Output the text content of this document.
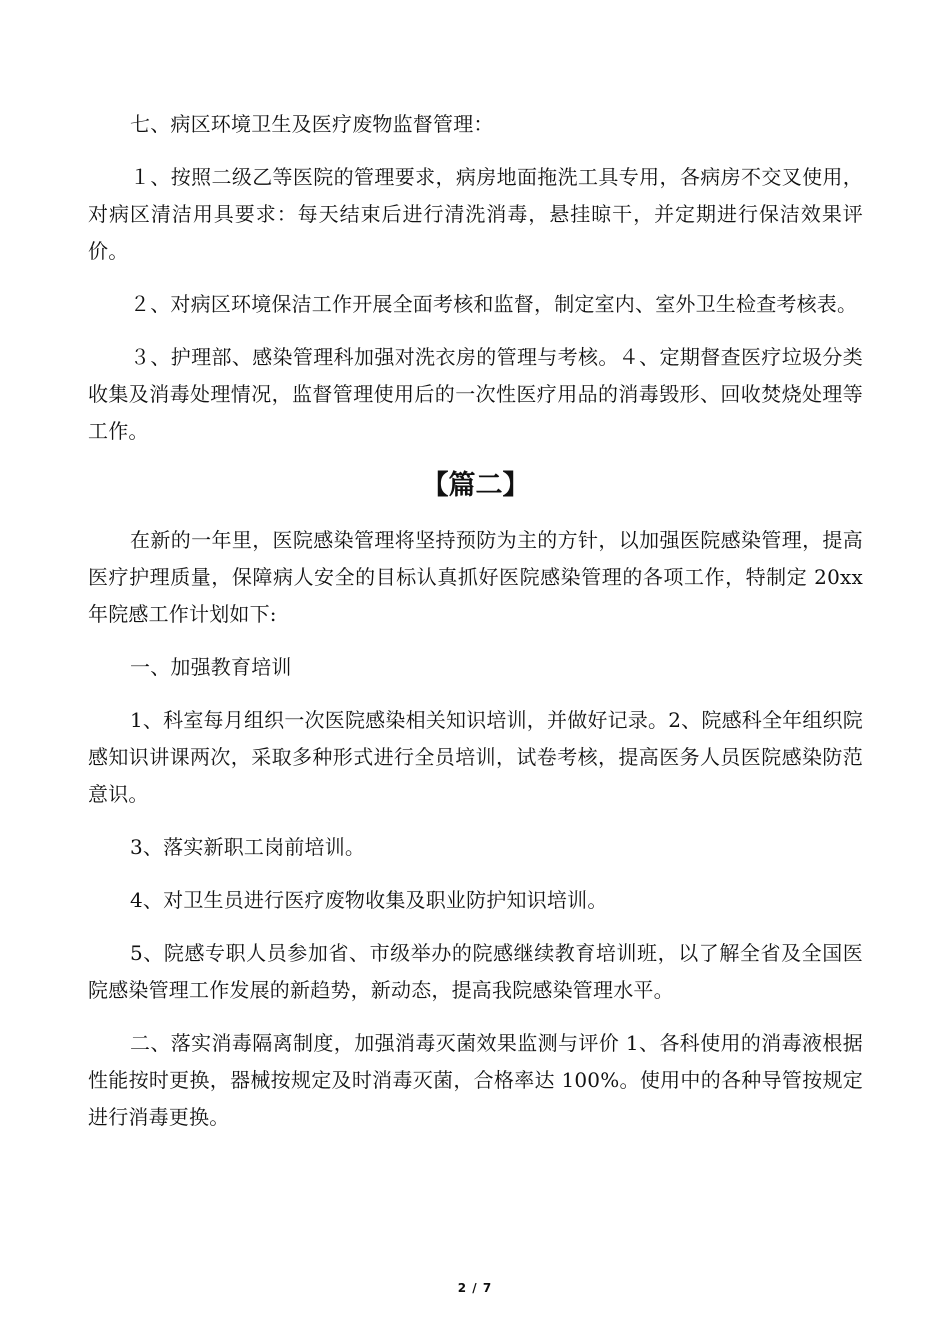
七、病区环境卫生及医疗废物监督管理：

１、按照二级乙等医院的管理要求，病房地面拖洗工具专用，各病房不交叉使用，对病区清洁用具要求：每天结束后进行清洗消毒，悬挂晾干，并定期进行保洁效果评价。

２、对病区环境保洁工作开展全面考核和监督，制定室内、室外卫生检查考核表。

３、护理部、感染管理科加强对洗衣房的管理与考核。４、定期督查医疗垃圾分类收集及消毒处理情况，监督管理使用后的一次性医疗用品的消毒毁形、回收焚烧处理等工作。

【篇二】

在新的一年里，医院感染管理将坚持预防为主的方针，以加强医院感染管理，提高医疗护理质量，保障病人安全的目标认真抓好医院感染管理的各项工作，特制定 20xx 年院感工作计划如下:

一、加强教育培训

1、科室每月组织一次医院感染相关知识培训，并做好记录。2、院感科全年组织院感知识讲课两次，采取多种形式进行全员培训，试卷考核，提高医务人员医院感染防范意识。

3、落实新职工岗前培训。

4、对卫生员进行医疗废物收集及职业防护知识培训。

5、院感专职人员参加省、市级举办的院感继续教育培训班，以了解全省及全国医院感染管理工作发展的新趋势，新动态，提高我院感染管理水平。

二、落实消毒隔离制度，加强消毒灭菌效果监测与评价 1、各科使用的消毒液根据性能按时更换，器械按规定及时消毒灭菌，合格率达 100%。使用中的各种导管按规定进行消毒更换。

2 / 7
